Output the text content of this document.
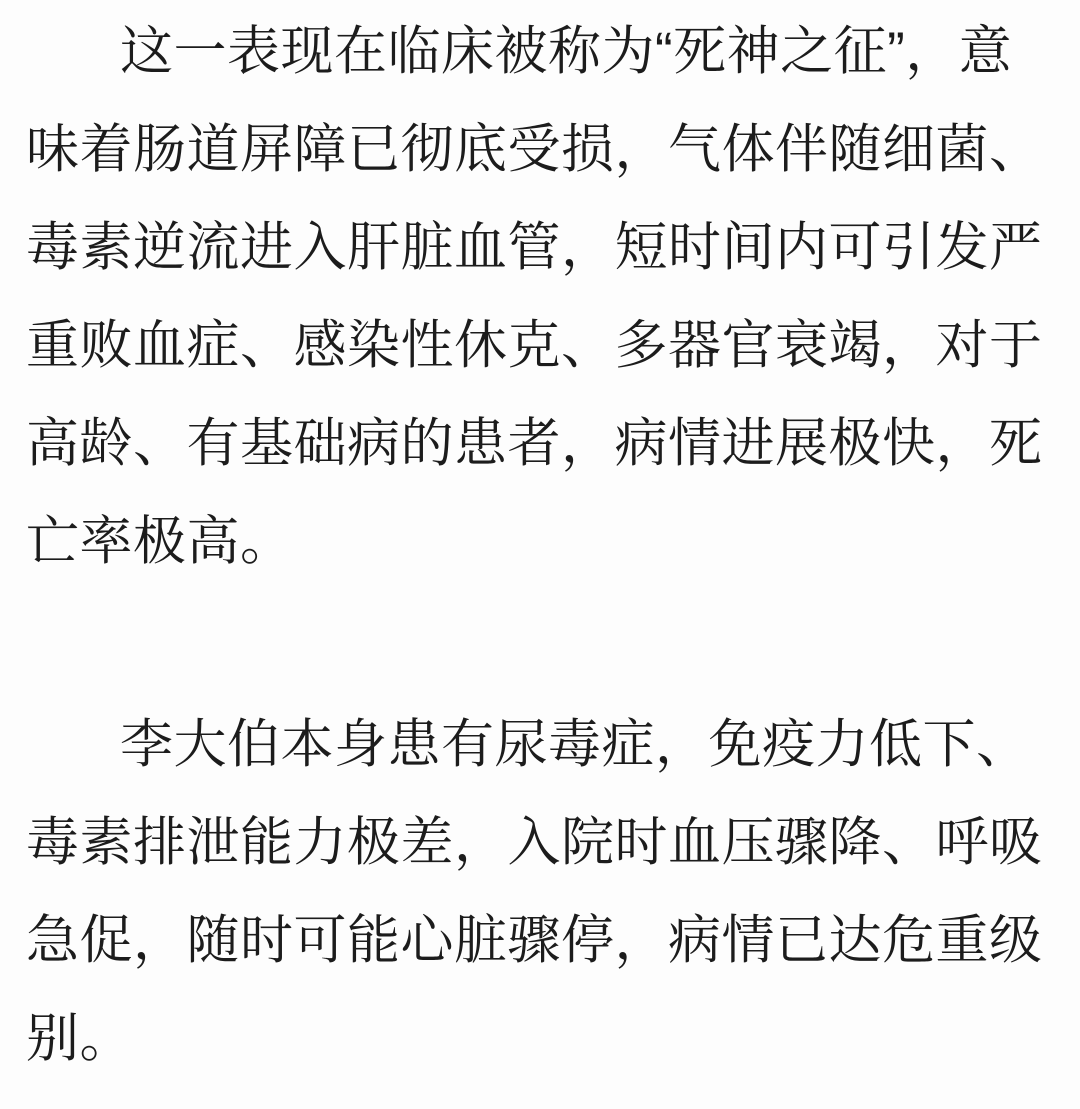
这一表现在临床被称为“死神之征”，意
味着肠道屏障已彻底受损，气体伴随细菌、
毒素逆流进入肝脏血管，短时间内可引发严
重败血症、感染性休克、多器官衰竭，对于
高龄、有基础病的患者，病情进展极快，死
亡率极高。
李大伯本身患有尿毒症，免疫力低下、
毒素排泄能力极差，入院时血压骤降、呼吸
急促，随时可能心脏骤停，病情已达危重级
别。
